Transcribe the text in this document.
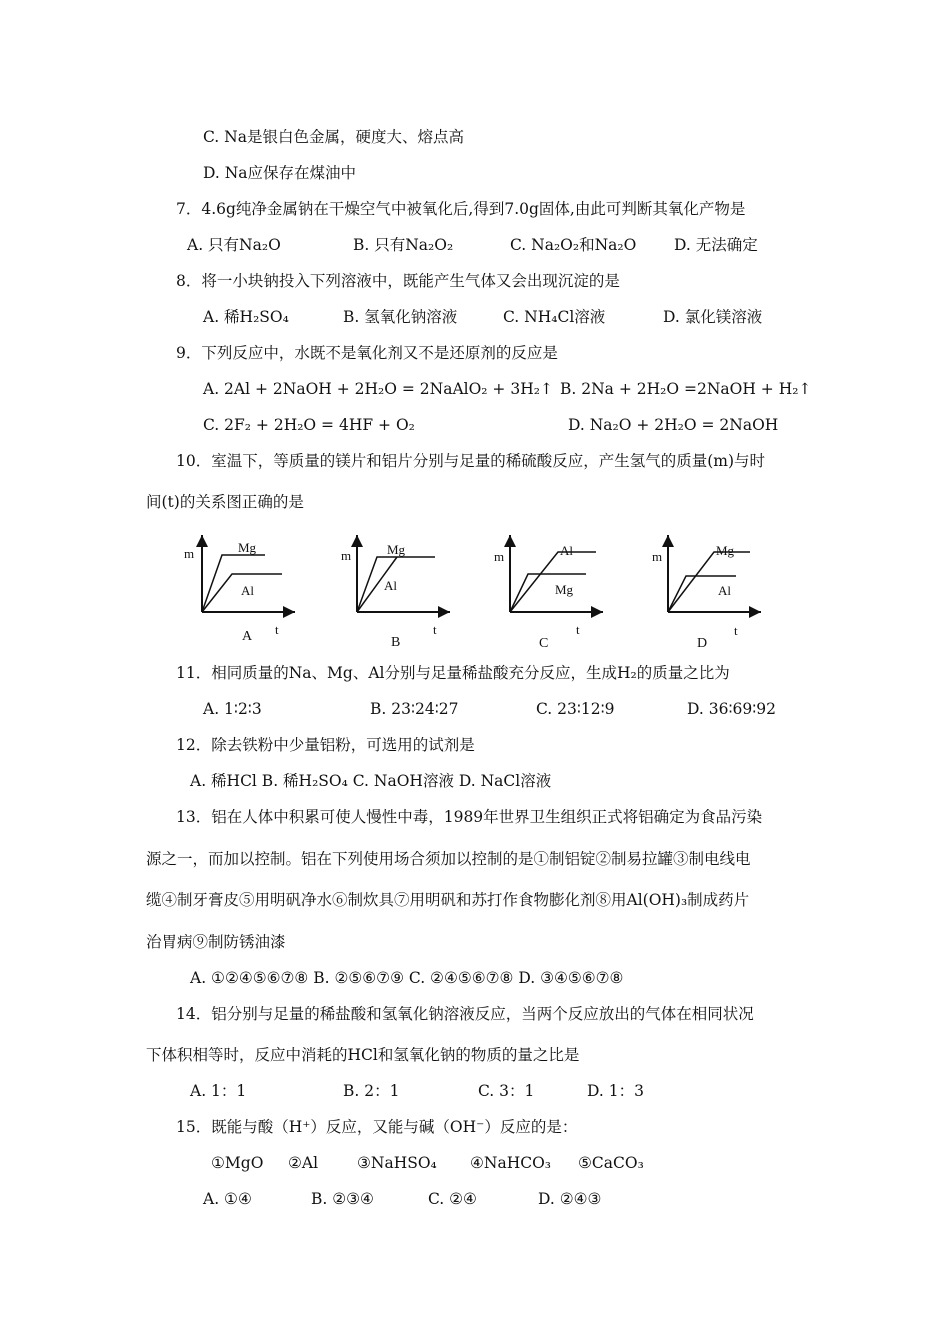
C. Na是银白色金属，硬度大、熔点高
D. Na应保存在煤油中
7．4.6g纯净金属钠在干燥空气中被氧化后,得到7.0g固体,由此可判断其氧化产物是
A. 只有Na₂O	B. 只有Na₂O₂	C. Na₂O₂和Na₂O D. 无法确定
8．将一小块钠投入下列溶液中，既能产生气体又会出现沉淀的是
A. 稀H₂SO₄	B. 氢氧化钠溶液	C. NH₄Cl溶液	D. 氯化镁溶液
9．下列反应中，水既不是氧化剂又不是还原剂的反应是
A. 2Al + 2NaOH + 2H₂O = 2NaAlO₂ + 3H₂↑ B. 2Na + 2H₂O =2NaOH + H₂↑
C. 2F₂ + 2H₂O = 4HF + O₂	D. Na₂O + 2H₂O = 2NaOH
10．室温下，等质量的镁片和铝片分别与足量的稀硫酸反应，产生氢气的质量(m)与时
间(t)的关系图正确的是
m
t
Mg
Al
A
m
t
Mg
Al
B
m
t
Al
Mg
C
m
t
Mg
Al
D
11．相同质量的Na、Mg、Al分别与足量稀盐酸充分反应，生成H₂的质量之比为
A. 1∶2∶3	B. 23∶24∶27	C. 23∶12∶9	D. 36∶69∶92
12．除去铁粉中少量铝粉，可选用的试剂是
A. 稀HCl B. 稀H₂SO₄ C. NaOH溶液 D. NaCl溶液
13．铝在人体中积累可使人慢性中毒，1989年世界卫生组织正式将铝确定为食品污染
源之一，而加以控制。铝在下列使用场合须加以控制的是①制铝锭②制易拉罐③制电线电
缆④制牙膏皮⑤用明矾净水⑥制炊具⑦用明矾和苏打作食物膨化剂⑧用Al(OH)₃制成药片
治胃病⑨制防锈油漆
A. ①②④⑤⑥⑦⑧ B. ②⑤⑥⑦⑨ C. ②④⑤⑥⑦⑧ D. ③④⑤⑥⑦⑧
14．铝分别与足量的稀盐酸和氢氧化钠溶液反应，当两个反应放出的气体在相同状况
下体积相等时，反应中消耗的HCl和氢氧化钠的物质的量之比是
A. 1：1	B. 2：1	C. 3：1	D. 1：3
15．既能与酸（H⁺）反应，又能与碱（OH⁻）反应的是：
①MgO ②Al	③NaHSO₄ ④NaHCO₃ ⑤CaCO₃
A. ①④	B. ②③④	C. ②④	D. ②④③
